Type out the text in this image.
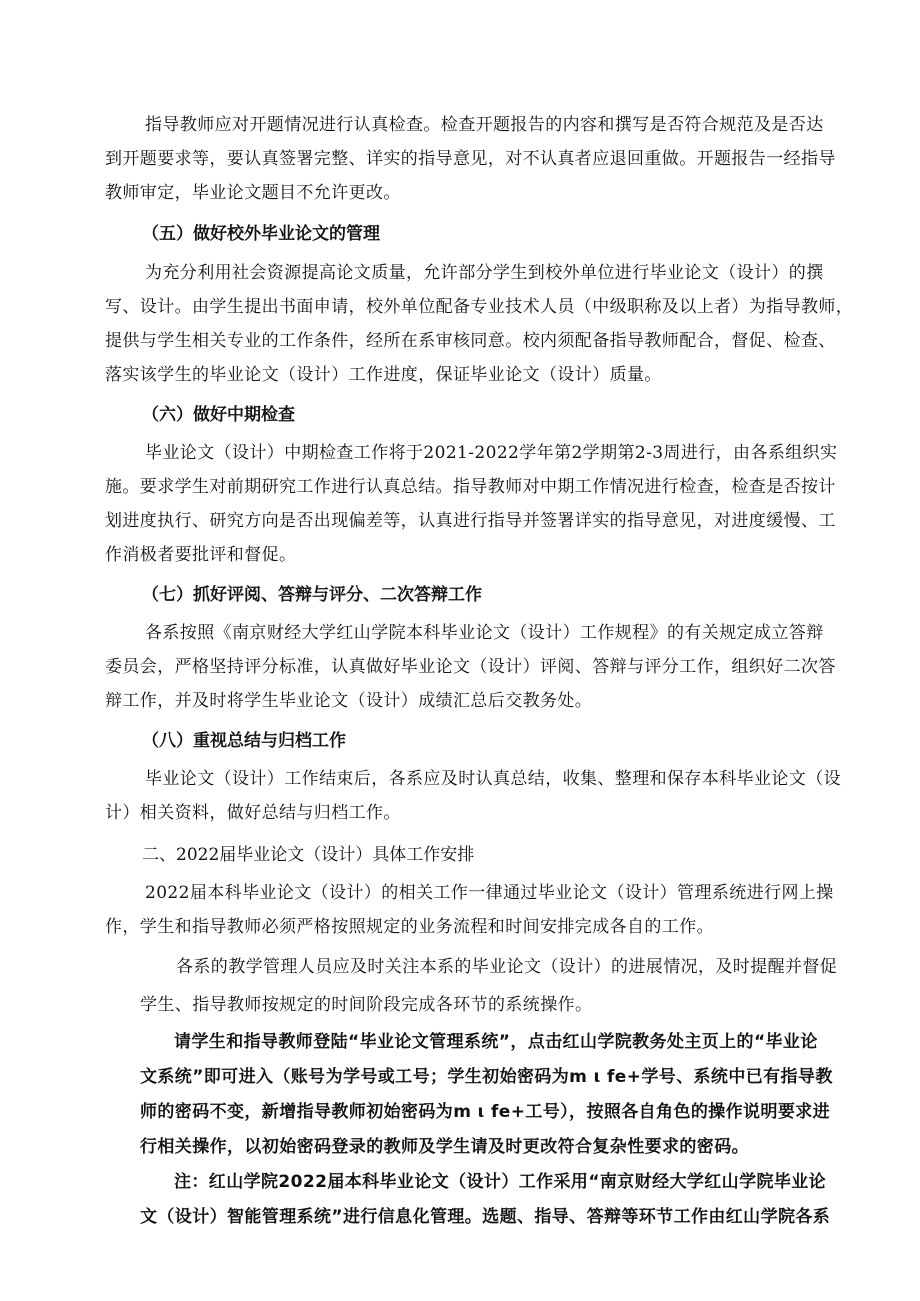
指导教师应对开题情况进行认真检查。检查开题报告的内容和撰写是否符合规范及是否达
到开题要求等，要认真签署完整、详实的指导意见，对不认真者应退回重做。开题报告一经指导
教师审定，毕业论文题目不允许更改。
（五）做好校外毕业论文的管理
为充分利用社会资源提高论文质量，允许部分学生到校外单位进行毕业论文（设计）的撰
写、设计。由学生提出书面申请，校外单位配备专业技术人员（中级职称及以上者）为指导教师，
提供与学生相关专业的工作条件，经所在系审核同意。校内须配备指导教师配合，督促、检查、
落实该学生的毕业论文（设计）工作进度，保证毕业论文（设计）质量。
（六）做好中期检查
毕业论文（设计）中期检查工作将于2021-2022学年第2学期第2-3周进行，由各系组织实
施。要求学生对前期研究工作进行认真总结。指导教师对中期工作情况进行检查，检查是否按计
划进度执行、研究方向是否出现偏差等，认真进行指导并签署详实的指导意见，对进度缓慢、工
作消极者要批评和督促。
（七）抓好评阅、答辩与评分、二次答辩工作
各系按照《南京财经大学红山学院本科毕业论文（设计）工作规程》的有关规定成立答辩
委员会，严格坚持评分标准，认真做好毕业论文（设计）评阅、答辩与评分工作，组织好二次答
辩工作，并及时将学生毕业论文（设计）成绩汇总后交教务处。
（八）重视总结与归档工作
毕业论文（设计）工作结束后，各系应及时认真总结，收集、整理和保存本科毕业论文（设
计）相关资料，做好总结与归档工作。
二、2022届毕业论文（设计）具体工作安排
2022届本科毕业论文（设计）的相关工作一律通过毕业论文（设计）管理系统进行网上操
作，学生和指导教师必须严格按照规定的业务流程和时间安排完成各自的工作。
各系的教学管理人员应及时关注本系的毕业论文（设计）的进展情况，及时提醒并督促
学生、指导教师按规定的时间阶段完成各环节的系统操作。
请学生和指导教师登陆“毕业论文管理系统”，点击红山学院教务处主页上的“毕业论
文系统”即可进入（账号为学号或工号；学生初始密码为m ι fe+学号、系统中已有指导教
师的密码不变，新增指导教师初始密码为m ι fe+工号），按照各自角色的操作说明要求进
行相关操作，以初始密码登录的教师及学生请及时更改符合复杂性要求的密码。
注：红山学院2022届本科毕业论文（设计）工作采用“南京财经大学红山学院毕业论
文（设计）智能管理系统”进行信息化管理。选题、指导、答辩等环节工作由红山学院各系
